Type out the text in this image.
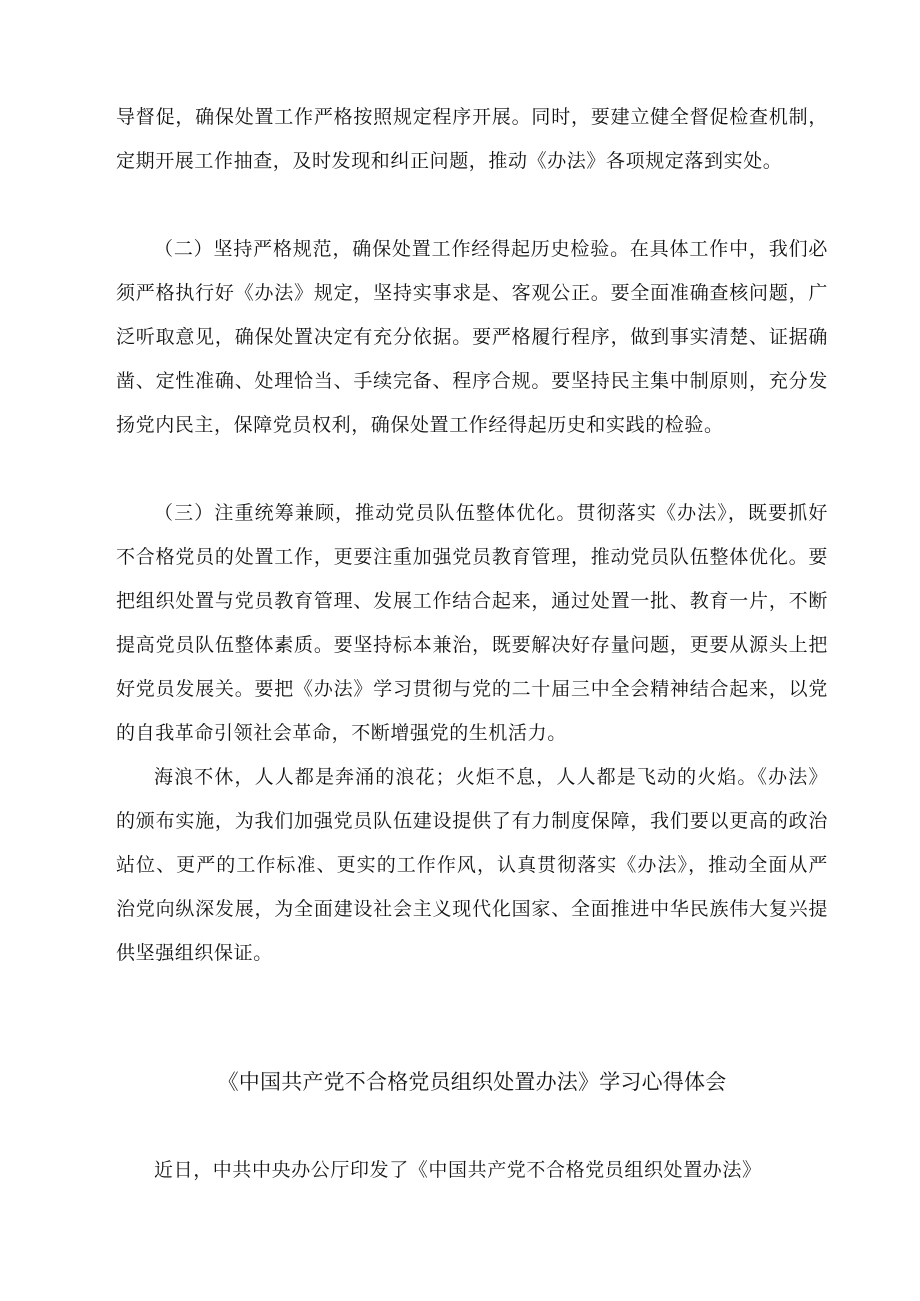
导督促，确保处置工作严格按照规定程序开展。同时，要建立健全督促检查机制，定期开展工作抽查，及时发现和纠正问题，推动《办法》各项规定落到实处。

（二）坚持严格规范，确保处置工作经得起历史检验。在具体工作中，我们必须严格执行好《办法》规定，坚持实事求是、客观公正。要全面准确查核问题，广泛听取意见，确保处置决定有充分依据。要严格履行程序，做到事实清楚、证据确凿、定性准确、处理恰当、手续完备、程序合规。要坚持民主集中制原则，充分发扬党内民主，保障党员权利，确保处置工作经得起历史和实践的检验。

（三）注重统筹兼顾，推动党员队伍整体优化。贯彻落实《办法》，既要抓好不合格党员的处置工作，更要注重加强党员教育管理，推动党员队伍整体优化。要把组织处置与党员教育管理、发展工作结合起来，通过处置一批、教育一片，不断提高党员队伍整体素质。要坚持标本兼治，既要解决好存量问题，更要从源头上把好党员发展关。要把《办法》学习贯彻与党的二十届三中全会精神结合起来，以党的自我革命引领社会革命，不断增强党的生机活力。

海浪不休，人人都是奔涌的浪花；火炬不息，人人都是飞动的火焰。《办法》的颁布实施，为我们加强党员队伍建设提供了有力制度保障，我们要以更高的政治站位、更严的工作标准、更实的工作作风，认真贯彻落实《办法》，推动全面从严治党向纵深发展，为全面建设社会主义现代化国家、全面推进中华民族伟大复兴提供坚强组织保证。

《中国共产党不合格党员组织处置办法》学习心得体会

近日，中共中央办公厅印发了《中国共产党不合格党员组织处置办法》
